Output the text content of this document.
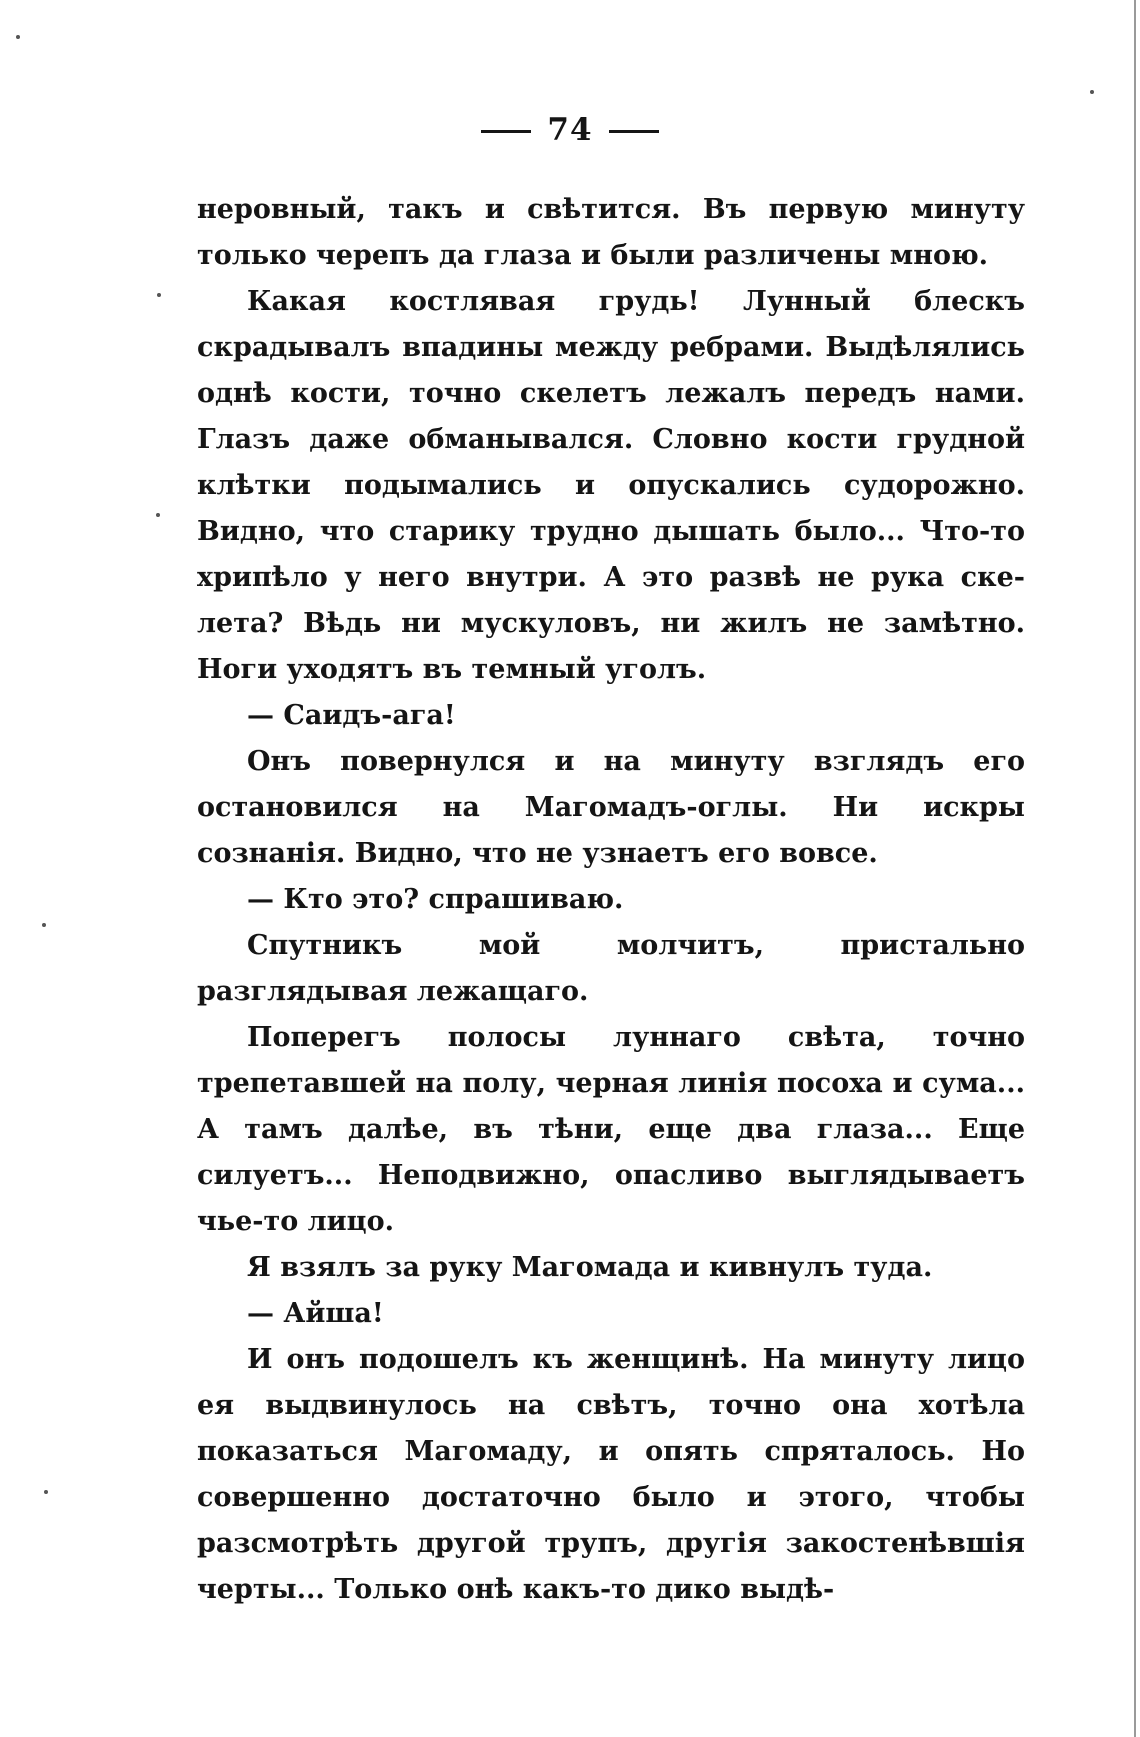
74

неровный, такъ и свѣтится. Въ первую минуту только черепъ да глаза и были различены мною.

Какая костлявая грудь! Лунный блескъ скрадывалъ впадины между ребрами. Выдѣлялись однѣ кости, точно скелетъ лежалъ передъ нами. Глазъ даже обманывался. Словно кости грудной клѣтки подымались и опускались судорожно. Видно, что старику трудно дышать было... Что-то хрипѣло у него внутри. А это развѣ не рука скелета? Вѣдь ни мускуловъ, ни жилъ не замѣтно. Ноги уходятъ въ темный уголъ.

— Саидъ-ага!

Онъ повернулся и на минуту взглядъ его остановился на Магомадъ-оглы. Ни искры сознанія. Видно, что не узнаетъ его вовсе.

— Кто это? спрашиваю.

Спутникъ мой молчитъ, пристально разглядывая лежащаго.

Поперегъ полосы луннаго свѣта, точно трепетавшей на полу, черная линія посоха и сума... А тамъ далѣе, въ тѣни, еще два глаза... Еще силуетъ... Неподвижно, опасливо выглядываетъ чье-то лицо.

Я взялъ за руку Магомада и кивнулъ туда.

— Айша!

И онъ подошелъ къ женщинѣ. На минуту лицо ея выдвинулось на свѣтъ, точно она хотѣла показаться Магомаду, и опять спряталось. Но совершенно достаточно было и этого, чтобы разсмотрѣть другой трупъ, другія закостенѣвшія черты... Только онѣ какъ-то дико выдѣ-
